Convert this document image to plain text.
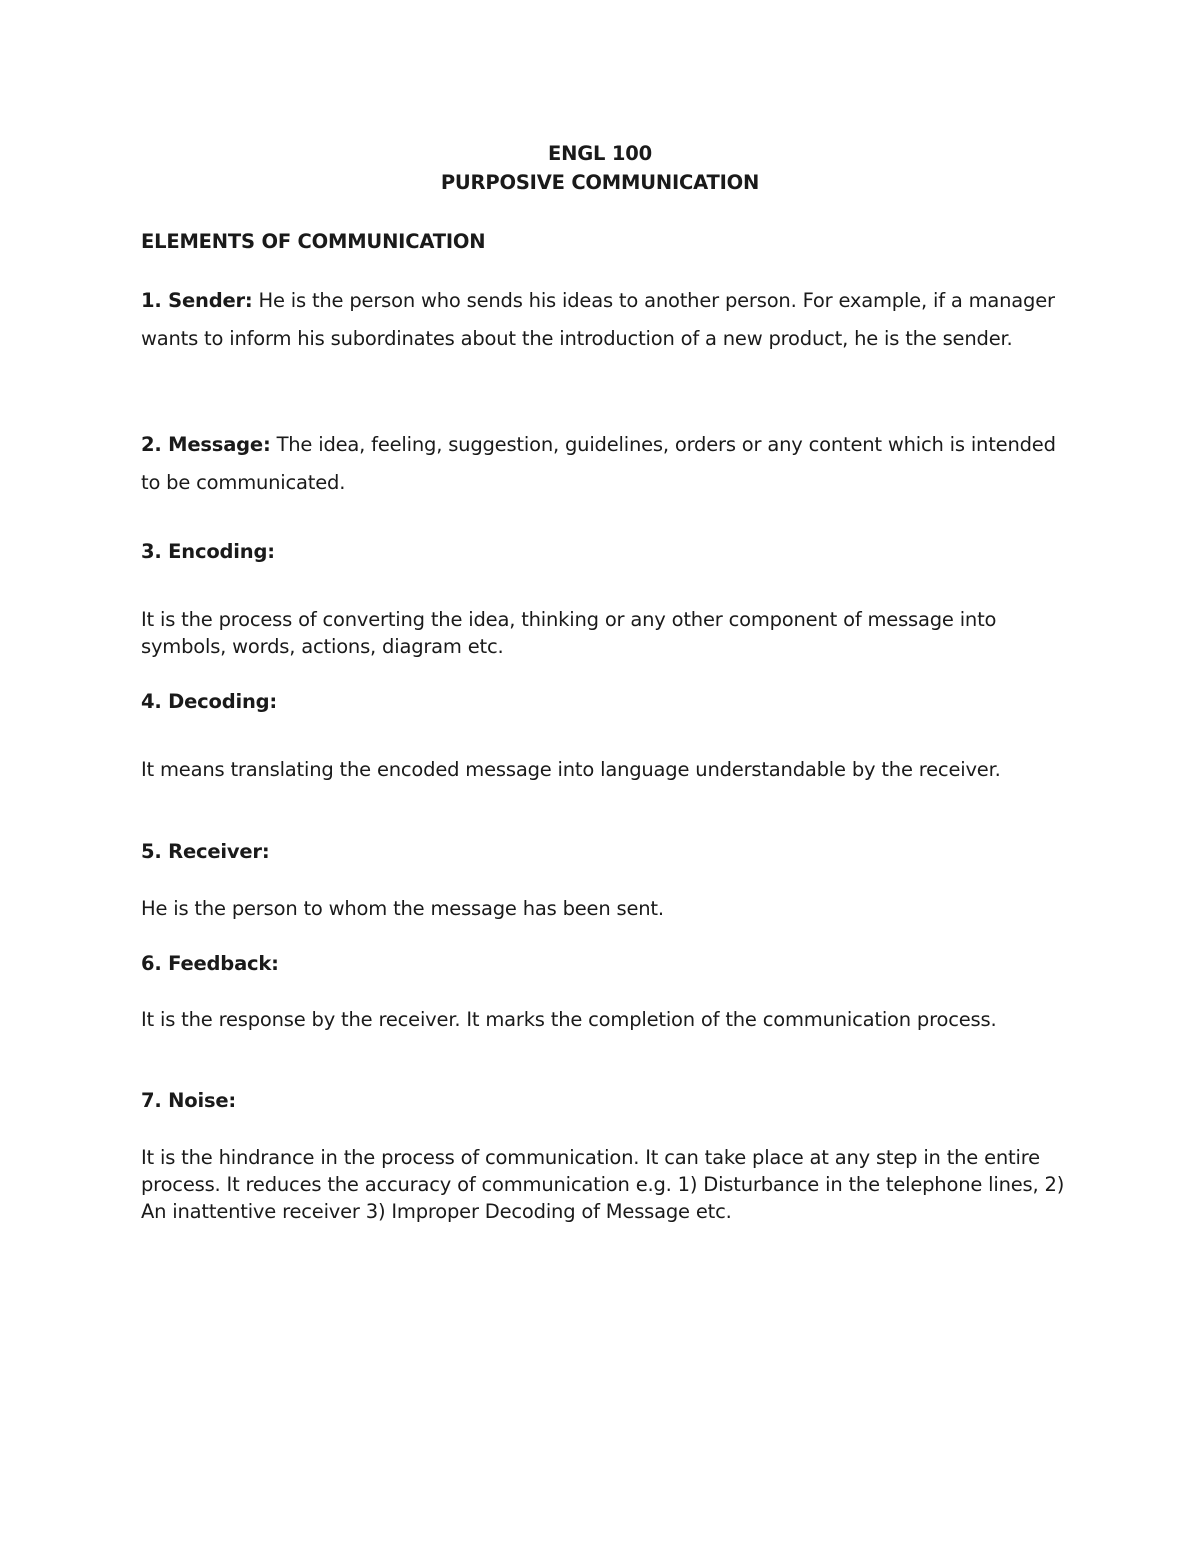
ENGL 100
PURPOSIVE COMMUNICATION
ELEMENTS OF COMMUNICATION
1. Sender: He is the person who sends his ideas to another person. For example, if a manager wants to inform his subordinates about the introduction of a new product, he is the sender.
2. Message: The idea, feeling, suggestion, guidelines, orders or any content which is intended to be communicated.
3. Encoding:
It is the process of converting the idea, thinking or any other component of message into symbols, words, actions, diagram etc.
4. Decoding:
It means translating the encoded message into language understandable by the receiver.
5. Receiver:
He is the person to whom the message has been sent.
6. Feedback:
It is the response by the receiver. It marks the completion of the communication process.
7. Noise:
It is the hindrance in the process of communication. It can take place at any step in the entire process. It reduces the accuracy of communication e.g. 1) Disturbance in the telephone lines, 2) An inattentive receiver 3) Improper Decoding of Message etc.
